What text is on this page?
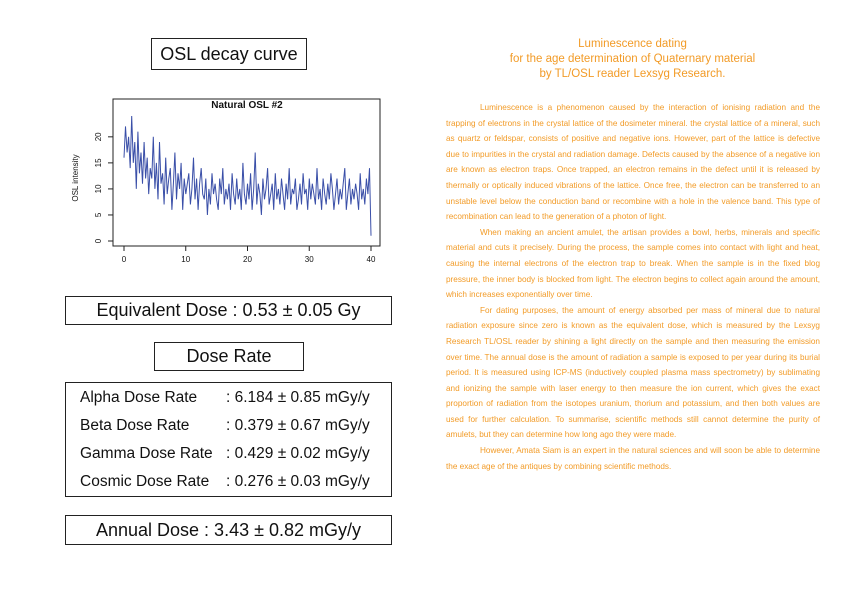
OSL decay curve
Natural OSL #2
OSL intensity
0
5
10
15
20
0	10	20	30	40
Equivalent Dose : 0.53 ± 0.05 Gy
Dose Rate
Alpha Dose Rate	: 6.184 ± 0.85 mGy/y
Beta Dose Rate	: 0.379 ± 0.67 mGy/y
Gamma Dose Rate : 0.429 ± 0.02 mGy/y
Cosmic Dose Rate	: 0.276 ± 0.03 mGy/y
Annual Dose : 3.43 ± 0.82 mGy/y
Luminescence dating
for the age determination of Quaternary material
by TL/OSL reader Lexsyg Research.

Luminescence is a phenomenon caused by the interaction of ionising radiation and the trapping of electrons in the crystal lattice of the dosimeter mineral. the crystal lattice of a mineral, such as quartz or feldspar, consists of positive and negative ions. However, part of the lattice is defective due to impurities in the crystal and radiation damage. Defects caused by the absence of a negative ion are known as electron traps. Once trapped, an electron remains in the defect until it is released by thermally or optically induced vibrations of the lattice. Once free, the electron can be transferred to an unstable level below the conduction band or recombine with a hole in the valence band. This type of recombination can lead to the generation of a photon of light.

When making an ancient amulet, the artisan provides a bowl, herbs, minerals and specific material and cuts it precisely. During the process, the sample comes into contact with light and heat, causing the internal electrons of the electron trap to break. When the sample is in the fixed blog pressure, the inner body is blocked from light. The electron begins to collect again around the amount, which increases exponentially over time.

For dating purposes, the amount of energy absorbed per mass of mineral due to natural radiation exposure since zero is known as the equivalent dose, which is measured by the Lexsyg Research TL/OSL reader by shining a light directly on the sample and then measuring the emission over time. The annual dose is the amount of radiation a sample is exposed to per year during its burial period. It is measured using ICP-MS (inductively coupled plasma mass spectrometry) by sublimating and ionizing the sample with laser energy to then measure the ion current, which gives the exact proportion of radiation from the isotopes uranium, thorium and potassium, and then both values are used for further calculation. To summarise, scientific methods still cannot determine the purity of amulets, but they can determine how long ago they were made.

However, Amata Siam is an expert in the natural sciences and will soon be able to determine the exact age of the antiques by combining scientific methods.
